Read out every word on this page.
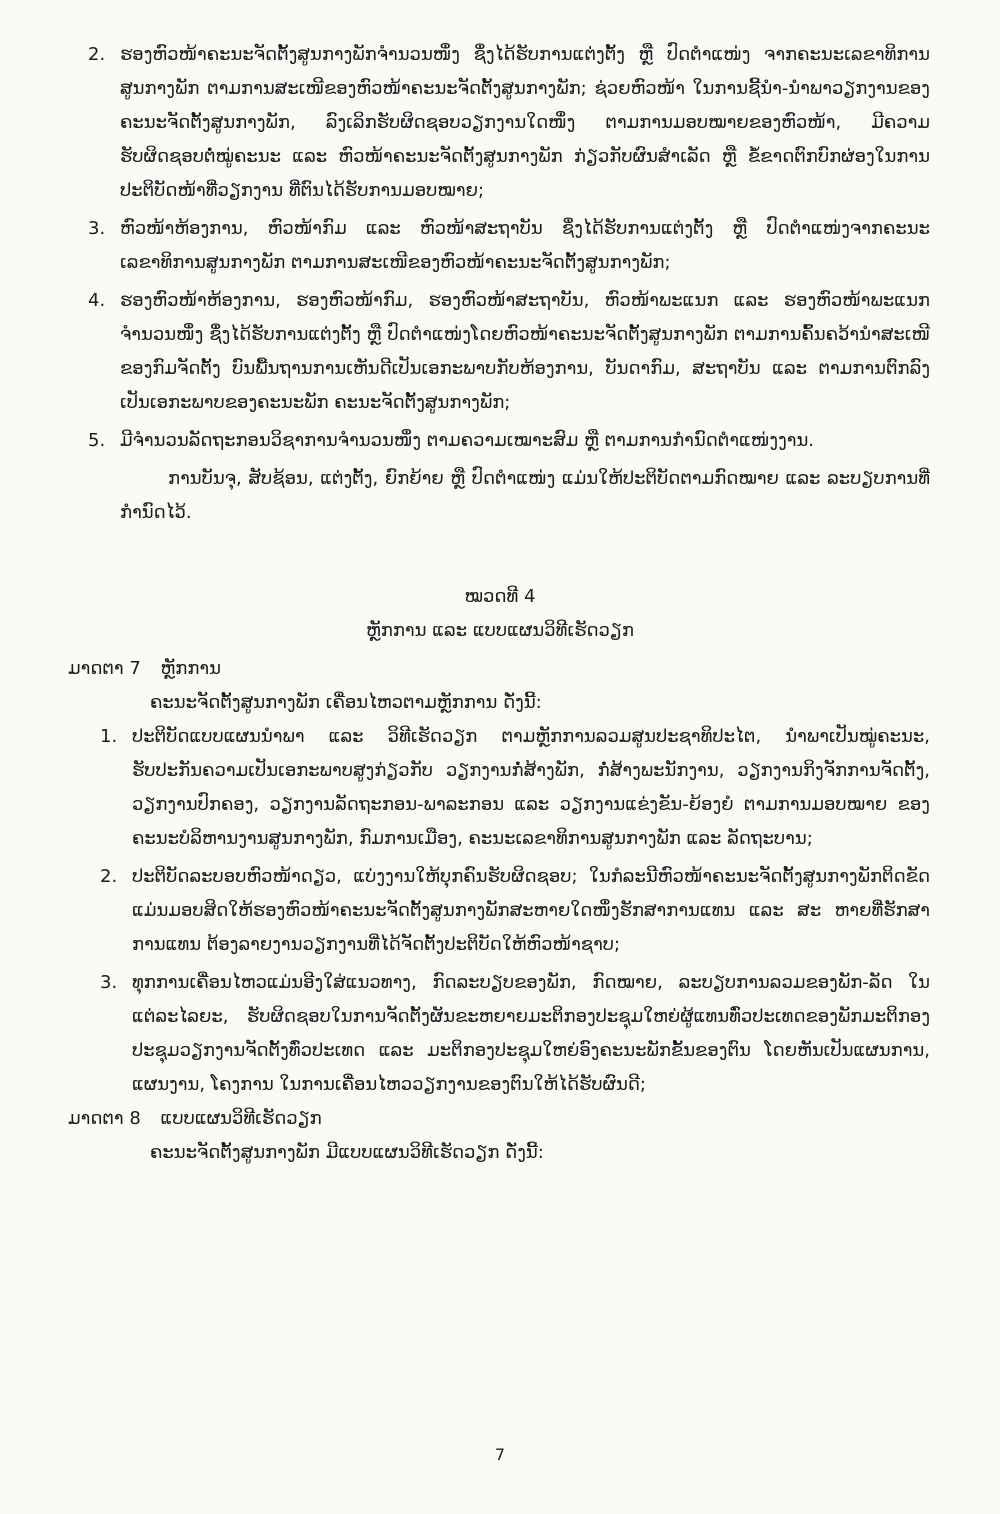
2. ຮອງຫົວໜ້າຄະນະຈັດຕັ້ງສູນກາງພັກຈຳນວນໜຶ່ງ ຊຶ່ງໄດ້ຮັບການແຕ່ງຕັ້ງ ຫຼື ປົດຕຳແໜ່ງ ຈາກຄະນະເລຂາທິການສູນກາງພັກ ຕາມການສະເໜີຂອງຫົວໜ້າຄະນະຈັດຕັ້ງສູນກາງພັກ; ຊ່ວຍຫົວໜ້າ ໃນການຊີ້ນຳ-ນຳພາວຽກງານຂອງຄະນະຈັດຕັ້ງສູນກາງພັກ, ລົງເລິກຮັບຜິດຊອບວຽກງານໃດໜຶ່ງ ຕາມການມອບໝາຍຂອງຫົວໜ້າ, ມີຄວາມຮັບຜິດຊອບຕໍ່ໝູ່ຄະນະ ແລະ ຫົວໜ້າຄະນະຈັດຕັ້ງສູນກາງພັກ ກ່ຽວກັບຜົນສຳເລັດ ຫຼື ຂໍ້ຂາດຕົກບົກຜ່ອງໃນການປະຕິບັດໜ້າທີ່ວຽກງານ ທີ່ຕົນໄດ້ຮັບການມອບໝາຍ;
3. ຫົວໜ້າຫ້ອງການ, ຫົວໜ້າກົມ ແລະ ຫົວໜ້າສະຖາບັນ ຊຶ່ງໄດ້ຮັບການແຕ່ງຕັ້ງ ຫຼື ປົດຕຳແໜ່ງຈາກຄະນະເລຂາທິການສູນກາງພັກ ຕາມການສະເໜີຂອງຫົວໜ້າຄະນະຈັດຕັ້ງສູນກາງພັກ;
4. ຮອງຫົວໜ້າຫ້ອງການ, ຮອງຫົວໜ້າກົມ, ຮອງຫົວໜ້າສະຖາບັນ, ຫົວໜ້າພະແນກ ແລະ ຮອງຫົວໜ້າພະແນກ ຈຳນວນໜຶ່ງ ຊຶ່ງໄດ້ຮັບການແຕ່ງຕັ້ງ ຫຼື ປົດຕຳແໜ່ງໂດຍຫົວໜ້າຄະນະຈັດຕັ້ງສູນກາງພັກ ຕາມການຄົ້ນຄວ້ານຳສະເໜີ ຂອງກົມຈັດຕັ້ງ ບົນພື້ນຖານການເຫັນດີເປັນເອກະພາບກັບຫ້ອງການ, ບັນດາກົມ, ສະຖາບັນ ແລະ ຕາມການຕົກລົງເປັນເອກະພາບຂອງຄະນະພັກ ຄະນະຈັດຕັ້ງສູນກາງພັກ;
5. ມີຈຳນວນລັດຖະກອນວິຊາການຈຳນວນໜຶ່ງ ຕາມຄວາມເໝາະສົມ ຫຼື ຕາມການກຳນົດຕຳແໜ່ງງານ.
ການບັນຈຸ, ສັບຊ້ອນ, ແຕ່ງຕັ້ງ, ຍົກຍ້າຍ ຫຼື ປົດຕຳແໜ່ງ ແມ່ນໃຫ້ປະຕິບັດຕາມກົດໝາຍ ແລະ ລະບຽບການທີ່ກຳນົດໄວ້.
ໝວດທີ 4
ຫຼັກການ ແລະ ແບບແຜນວິທີເຮັດວຽກ
ມາດຕາ 7 ຫຼັກການ
ຄະນະຈັດຕັ້ງສູນກາງພັກ ເຄື່ອນໄຫວຕາມຫຼັກການ ດັ່ງນີ້:
1. ປະຕິບັດແບບແຜນນຳພາ ແລະ ວິທີເຮັດວຽກ ຕາມຫຼັກການລວມສູນປະຊາທິປະໄຕ, ນຳພາເປັນໝູ່ຄະນະ, ຮັບປະກັນຄວາມເປັນເອກະພາບສູງກ່ຽວກັບ ວຽກງານກໍ່ສ້າງພັກ, ກໍ່ສ້າງພະນັກງານ, ວຽກງານກິງຈັກການຈັດຕັ້ງ, ວຽກງານປົກຄອງ, ວຽກງານລັດຖະກອນ-ພາລະກອນ ແລະ ວຽກງານແຂ່ງຂັນ-ຍ້ອງຍໍ ຕາມການມອບໝາຍ ຂອງຄະນະບໍລິຫານງານສູນກາງພັກ, ກົມການເມືອງ, ຄະນະເລຂາທິການສູນກາງພັກ ແລະ ລັດຖະບານ;
2. ປະຕິບັດລະບອບຫົວໜ້າດຽວ, ແບ່ງງານໃຫ້ບຸກຄົນຮັບຜິດຊອບ; ໃນກໍລະນີຫົວໜ້າຄະນະຈັດຕັ້ງສູນກາງພັກຕິດຂັດ ແມ່ນມອບສິດໃຫ້ຮອງຫົວໜ້າຄະນະຈັດຕັ້ງສູນກາງພັກສະຫາຍໃດໜຶ່ງຮັກສາການແທນ ແລະ ສະ ຫາຍທີ່ຮັກສາການແທນ ຕ້ອງລາຍງານວຽກງານທີ່ໄດ້ຈັດຕັ້ງປະຕິບັດໃຫ້ຫົວໜ້າຊາບ;
3. ທຸກການເຄື່ອນໄຫວແມ່ນອີງໃສ່ແນວທາງ, ກົດລະບຽບຂອງພັກ, ກົດໝາຍ, ລະບຽບການລວມຂອງພັກ-ລັດ ໃນແຕ່ລະໄລຍະ, ຮັບຜິດຊອບໃນການຈັດຕັ້ງຜັນຂະຫຍາຍມະຕິກອງປະຊຸມໃຫຍ່ຜູ້ແທນທົ່ວປະເທດຂອງພັກມະຕິກອງປະຊຸມວຽກງານຈັດຕັ້ງທົ່ວປະເທດ ແລະ ມະຕິກອງປະຊຸມໃຫຍ່ອົງຄະນະພັກຂັ້ນຂອງຕົນ ໂດຍຫັນເປັນແຜນການ, ແຜນງານ, ໂຄງການ ໃນການເຄື່ອນໄຫວວຽກງານຂອງຕົນໃຫ້ໄດ້ຮັບຜົນດີ;
ມາດຕາ 8 ແບບແຜນວິທີເຮັດວຽກ
ຄະນະຈັດຕັ້ງສູນກາງພັກ ມີແບບແຜນວິທີເຮັດວຽກ ດັ່ງນີ້:
7
